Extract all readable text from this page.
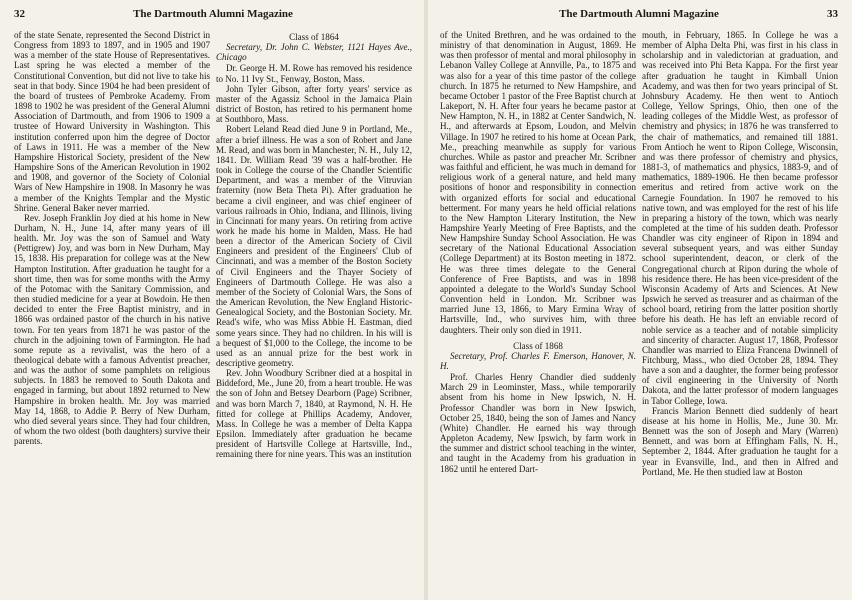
32	The Dartmouth Alumni Magazine

of the state Senate, represented the Second District in Congress from 1893 to 1897, and in 1905 and 1907 was a member of the state House of Representatives. Last spring he was elected a member of the Constitutional Convention, but did not live to take his seat in that body. Since 1904 he had been president of the board of trustees of Pembroke Academy. From 1898 to 1902 he was president of the General Alumni Association of Dartmouth, and from 1906 to 1909 a trustee of Howard University in Washington. This institution conferred upon him the degree of Doctor of Laws in 1911. He was a member of the New Hampshire Historical Society, president of the New Hampshire Sons of the American Revolution in 1902 and 1908, and governor of the Society of Colonial Wars of New Hampshire in 1908. In Masonry he was a member of the Knights Templar and the Mystic Shrine. General Baker never married.

Rev. Joseph Franklin Joy died at his home in New Durham, N. H., June 14, after many years of ill health. Mr. Joy was the son of Samuel and Waty (Pettigrew) Joy, and was born in New Durham, May 15, 1838. His preparation for college was at the New Hampton Institution. After graduation he taught for a short time, then was for some months with the Army of the Potomac with the Sanitary Commission, and then studied medicine for a year at Bowdoin. He then decided to enter the Free Baptist ministry, and in 1866 was ordained pastor of the church in his native town. For ten years from 1871 he was pastor of the church in the adjoining town of Farmington. He had some repute as a revivalist, was the hero of a theological debate with a famous Adventist preacher, and was the author of some pamphlets on religious subjects. In 1883 he removed to South Dakota and engaged in farming, but about 1892 returned to New Hampshire in broken health. Mr. Joy was married May 14, 1868, to Addie P. Berry of New Durham, who died several years since. They had four children, of whom the two oldest (both daughters) survive their parents.

Class of 1864

Secretary, Dr. John C. Webster, 1121 Hayes Ave., Chicago

Dr. George H. M. Rowe has removed his residence to No. 11 Ivy St., Fenway, Boston, Mass.

John Tyler Gibson, after forty years' service as master of the Agassiz School in the Jamaica Plain district of Boston, has retired to his permanent home at Southboro, Mass.

Robert Leland Read died June 9 in Portland, Me., after a brief illness. He was a son of Robert and Jane M. Read, and was born in Manchester, N. H., July 12, 1841. Dr. William Read '39 was a half-brother. He took in College the course of the Chandler Scientific Department, and was a member of the Vitruvian fraternity (now Beta Theta Pi). After graduation he became a civil engineer, and was chief engineer of various railroads in Ohio, Indiana, and Illinois, living in Cincinnati for many years. On retiring from active work he made his home in Malden, Mass. He had been a director of the American Society of Civil Engineers and president of the Engineers' Club of Cincinnati, and was a member of the Boston Society of Civil Engineers and the Thayer Society of Engineers of Dartmouth College. He was also a member of the Society of Colonial Wars, the Sons of the American Revolution, the New England Historic-Genealogical Society, and the Bostonian Society. Mr. Read's wife, who was Miss Abbie H. Eastman, died some years since. They had no children. In his will is a bequest of $1,000 to the College, the income to be used as an annual prize for the best work in descriptive geometry.

Rev. John Woodbury Scribner died at a hospital in Biddeford, Me., June 20, from a heart trouble. He was the son of John and Betsey Dearborn (Page) Scribner, and was born March 7, 1840, at Raymond, N. H. He fitted for college at Phillips Academy, Andover, Mass. In College he was a member of Delta Kappa Epsilon. Immediately after graduation he became president of Hartsville College at Hartsville, Ind., remaining there for nine years. This was an institution

The Dartmouth Alumni Magazine	33

of the United Brethren, and he was ordained to the ministry of that denomination in August, 1869. He was then professor of mental and moral philosophy in Lebanon Valley College at Annville, Pa., to 1875 and was also for a year of this time pastor of the college church. In 1875 he returned to New Hampshire, and became October 1 pastor of the Free Baptist church at Lakeport, N. H. After four years he became pastor at New Hampton, N. H., in 1882 at Center Sandwich, N. H., and afterwards at Epsom, Loudon, and Melvin Village. In 1907 he retired to his home at Ocean Park, Me., preaching meanwhile as supply for various churches. While as pastor and preacher Mr. Scribner was faithful and efficient, he was much in demand for religious work of a general nature, and held many positions of honor and responsibility in connection with organized efforts for social and educational betterment. For many years he held official relations to the New Hampton Literary Institution, the New Hampshire Yearly Meeting of Free Baptists, and the New Hampshire Sunday School Association. He was secretary of the National Educational Association (College Department) at its Boston meeting in 1872. He was three times delegate to the General Conference of Free Baptists, and was in 1898 appointed a delegate to the World's Sunday School Convention held in London. Mr. Scribner was married June 13, 1866, to Mary Ermina Wray of Hartsville, Ind., who survives him, with three daughters. Their only son died in 1911.

Class of 1868

Secretary, Prof. Charles F. Emerson, Hanover, N. H.

Prof. Charles Henry Chandler died suddenly March 29 in Leominster, Mass., while temporarily absent from his home in New Ipswich, N. H. Professor Chandler was born in New Ipswich, October 25, 1840, being the son of James and Nancy (White) Chandler. He earned his way through Appleton Academy, New Ipswich, by farm work in the summer and district school teaching in the winter, and taught in the Academy from his graduation in 1862 until he entered Dart-

mouth, in February, 1865. In College he was a member of Alpha Delta Phi, was first in his class in scholarship and in valedictorian at graduation, and was received into Phi Beta Kappa. For the first year after graduation he taught in Kimball Union Academy, and was then for two years principal of St. Johnsbury Academy. He then went to Antioch College, Yellow Springs, Ohio, then one of the leading colleges of the Middle West, as professor of chemistry and physics; in 1876 he was transferred to the chair of mathematics, and remained till 1881. From Antioch he went to Ripon College, Wisconsin, and was there professor of chemistry and physics, 1881-3, of mathematics and physics, 1883-9, and of mathematics, 1889-1906. He then became professor emeritus and retired from active work on the Carnegie Foundation. In 1907 he removed to his native town, and was employed for the rest of his life in preparing a history of the town, which was nearly completed at the time of his sudden death. Professor Chandler was city engineer of Ripon in 1894 and several subsequent years, and was either Sunday school superintendent, deacon, or clerk of the Congregational church at Ripon during the whole of his residence there. He has been vice-president of the Wisconsin Academy of Arts and Sciences. At New Ipswich he served as treasurer and as chairman of the school board, retiring from the latter position shortly before his death. He has left an enviable record of noble service as a teacher and of notable simplicity and sincerity of character. August 17, 1868, Professor Chandler was married to Eliza Francena Dwinnell of Fitchburg, Mass., who died October 28, 1894. They have a son and a daughter, the former being professor of civil engineering in the University of North Dakota, and the latter professor of modern languages in Tabor College, Iowa.

Francis Marion Bennett died suddenly of heart disease at his home in Hollis, Me., June 30. Mr. Bennett was the son of Joseph and Mary (Warren) Bennett, and was born at Effingham Falls, N. H., September 2, 1844. After graduation he taught for a year in Evansville, Ind., and then in Alfred and Portland, Me. He then studied law at Boston
